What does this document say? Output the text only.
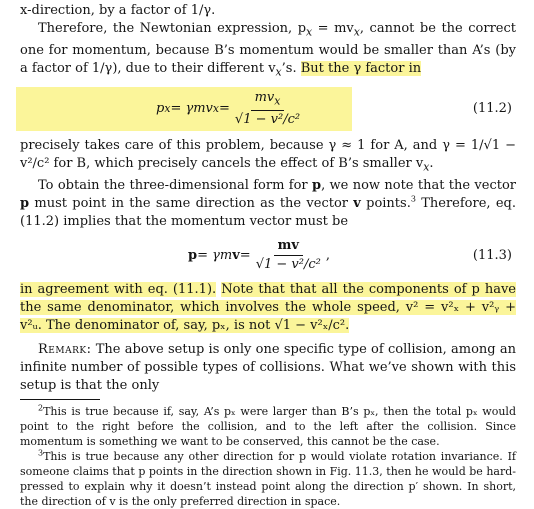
x-direction, by a factor of 1/γ.

Therefore, the Newtonian expression, $p_x = mv_x$, cannot be the correct one for momentum, because B’s momentum would be smaller than A’s (by a factor of 1/γ), due to their different $v_x’s$. But the γ factor in

p x = γmv $x = \frac{mv_x}{\text{√1 − v²/c²}}$	(11.2)

precisely takes care of this problem, because γ ≈ 1 for A, and γ = 1/√1 − v²/c² for B, which precisely cancels the effect of B’s smaller $v_x$.

To obtain the three-dimensional form for p, we now note that the vector p must point in the same direction as the vector v points.$^3$ Therefore, eq. (11.2) implies that the momentum vector must be

p = γm $v = \frac{mv}{\text{√1 − v²/c²}}$ ,	(11.3)

in agreement with eq. (11.1). Note that that all the components of p have the same denominator, which involves the whole speed, v² = v²ₓ + v²ᵧ + v²ᵤ. The denominator of, say, pₓ, is not √1 − v²ₓ/c².

Remark: The above setup is only one specific type of collision, among an infinite number of possible types of collisions. What we’ve shown with this setup is that the only

$^2$This is true because if, say, A’s pₓ were larger than B’s pₓ, then the total pₓ would point to the right before the collision, and to the left after the collision. Since momentum is something we want to be conserved, this cannot be the case.

$^3$This is true because any other direction for p would violate rotation invariance. If someone claims that p points in the direction shown in Fig. 11.3, then he would be hard-pressed to explain why it doesn’t instead point along the direction p′ shown. In short, the direction of v is the only preferred direction in space.
